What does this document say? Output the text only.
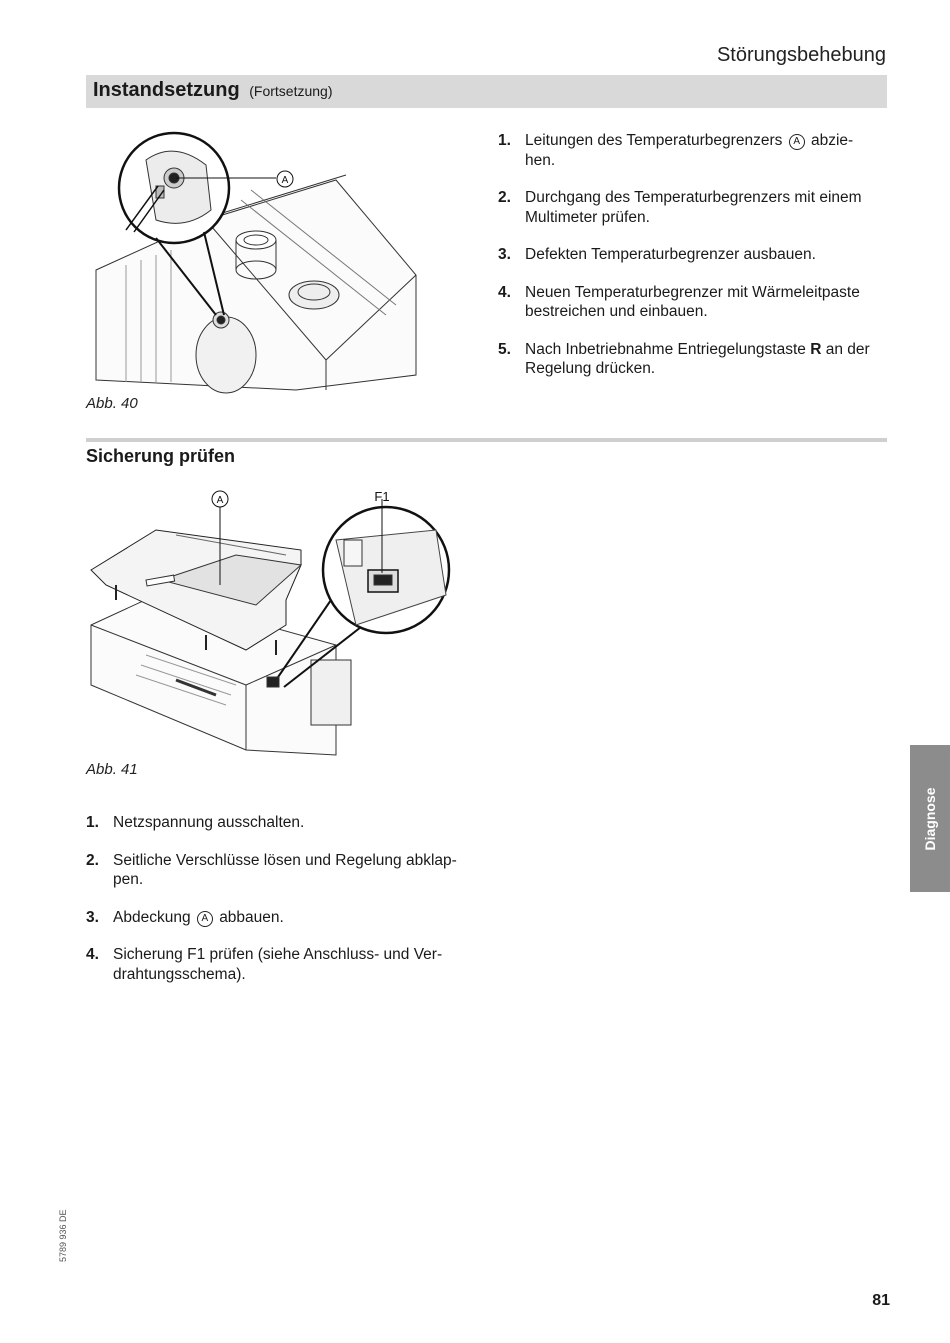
Störungsbehebung
Instandsetzung (Fortsetzung)
A
Abb. 40
1. Leitungen des Temperaturbegrenzers A abzie-
hen.
2. Durchgang des Temperaturbegrenzers mit einem
Multimeter prüfen.
3. Defekten Temperaturbegrenzer ausbauen.
4. Neuen Temperaturbegrenzer mit Wärmeleitpaste
bestreichen und einbauen.
5. Nach Inbetriebnahme Entriegelungstaste R an der
Regelung drücken.
Sicherung prüfen
A	F1
Abb. 41
1. Netzspannung ausschalten.
2. Seitliche Verschlüsse lösen und Regelung abklap-
pen.
3. Abdeckung A abbauen.
4. Sicherung F1 prüfen (siehe Anschluss- und Ver-
drahtungsschema).
Diagnose
5789 936 DE
81
